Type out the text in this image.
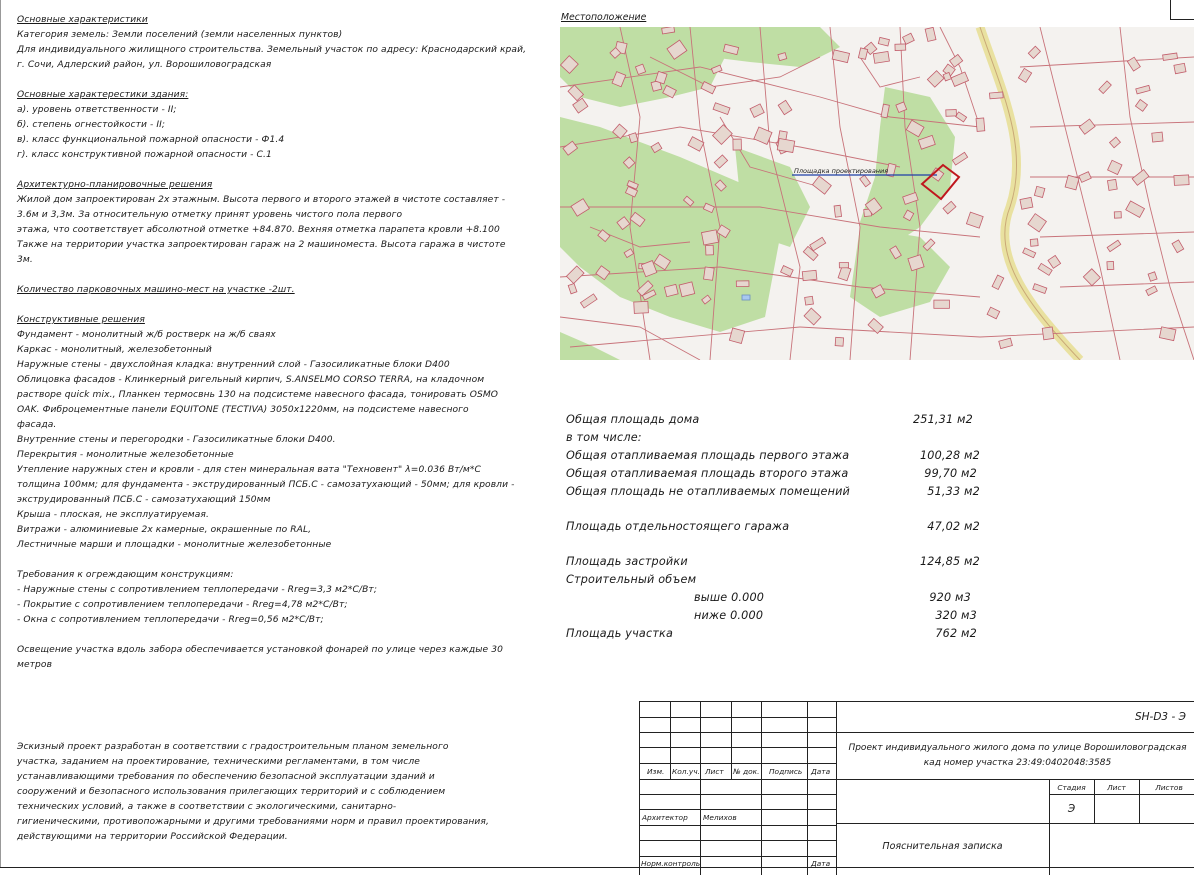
Основные характеристики
Категория земель: Земли поселений (земли населенных пунктов)
Для индивидуального жилищного строительства. Земельный участок по адресу: Краснодарский край,
г. Сочи, Адлерский район, ул. Ворошиловоградская
Основные характерестики здания:
а). уровень ответственности - II;
б). степень огнестойкости - II;
в). класс функциональной пожарной опасности - Ф1.4
г). класс конструктивной пожарной опасности - С.1
Архитектурно-планировочные решения
Жилой дом запроектирован 2х этажным. Высота первого и второго этажей в чистоте составляет -
3.6м и 3,3м. За относительную отметку принят уровень чистого пола первого
этажа, что соответствует абсолютной отметке +84.870. Вехняя отметка парапета кровли +8.100
Также на территории участка запроектирован гараж на 2 машиноместа. Высота гаража в чистоте
3м.
Количество парковочных машино-мест на участке -2шт.
Конструктивные решения
Фундамент - монолитный ж/б ростверк на ж/б сваях
Каркас - монолитный, железобетонный
Наружные стены - двухслойная кладка: внутренний слой - Газосиликатные блоки D400
Облицовка фасадов - Клинкерный ригельный кирпич, S.ANSELMO CORSO TERRA, на кладочном
растворе quick mix., Планкен термосвнь 130 на подсистеме навесного фасада, тонировать OSMO
OAK. Фиброцементные панели EQUITONE (TECTIVA) 3050х1220мм, на подсистеме навесного
фасада.
Внутренние стены и перегородки - Газосиликатные блоки D400.
Перекрытия - монолитные железобетонные
Утепление наружных стен и кровли - для стен минеральная вата "Техновент" λ=0.036 Вт/м*С
толщина 100мм; для фундамента - экструдированный ПСБ.С - самозатухающий - 50мм; для кровли -
экструдированный ПСБ.С - самозатухающий 150мм
Крыша - плоская, не эксплуатируемая.
Витражи - алюминиевые 2х камерные, окрашенные по RAL,
Лестничные марши и площадки - монолитные железобетонные
Требования к огреждающим конструкциям:
- Наружные стены с сопротивлением теплопередачи - Rreg=3,3 м2*С/Вт;
- Покрытие с сопротивлением теплопередачи - Rreg=4,78 м2*С/Вт;
- Окна с сопротивлением теплопередачи - Rreg=0,56 м2*С/Вт;
Освещение участка вдоль забора обеспечивается установкой фонарей по улице через каждые 30
метров
Эскизный проект разработан в соответствии с градостроительным планом земельного
участка, заданием на проектирование, техническими регламентами, в том числе
устанавливающими требования по обеспечению безопасной эксплуатации зданий и
сооружений и безопасного использования прилегающих территорий и с соблюдением
технических условий, а также в соответствии с экологическими, санитарно-
гигиеническими, противопожарными и другими требованиями норм и правил проектирования,
действующими на территории Российской Федерации.
Местоположение
Площадка проектирования
Общая площадь дома	251,31 м2
в том числе:
Общая отапливаемая площадь первого этажа	100,28 м2
Общая отапливаемая площадь второго этажа	99,70 м2
Общая площадь не отапливаемых помещений	51,33 м2
Площадь отдельностоящего гаража	47,02 м2
Площадь застройки	124,85 м2
Строительный объем
выше 0.000	920 м3
ниже 0.000	320 м3
Площадь участка	762 м2
SH-D3 - Э
Проект индивидуального жилого дома по улице Ворошиловоградская
кад номер участка 23:49:0402048:3585
Изм. Кол.уч. Лист № док. Подпись Дата
Стадия	Лист	Листов
Э
Архитектор Мелихов
Норм.контроль	Дата
Пояснительная записка
